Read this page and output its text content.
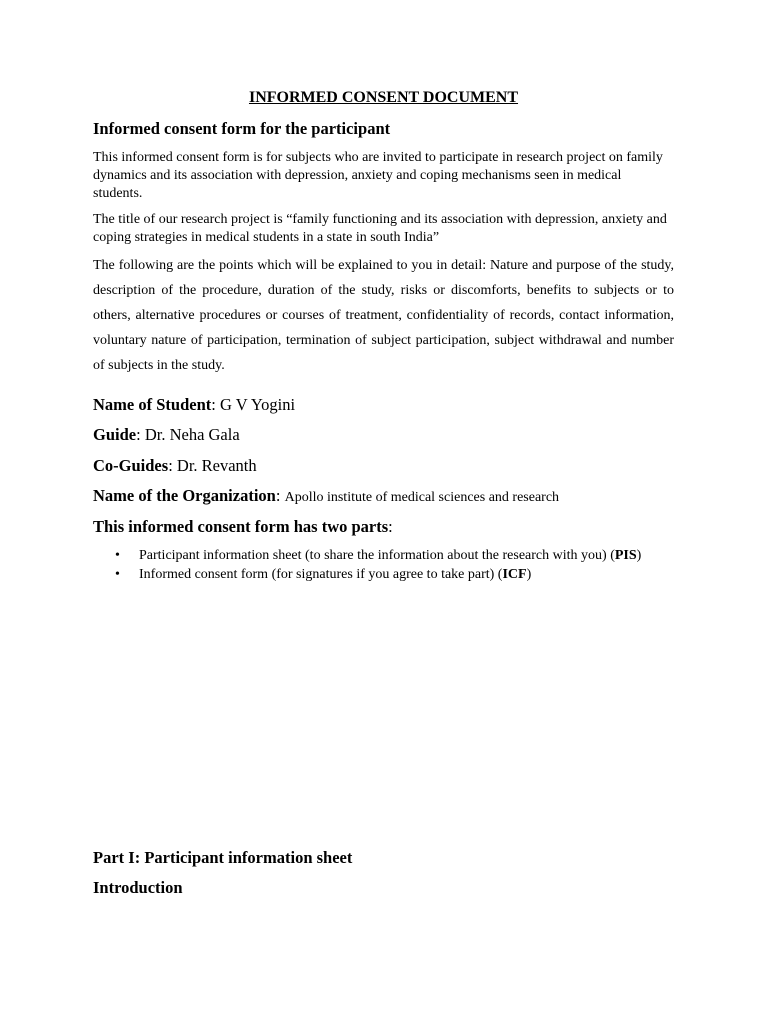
INFORMED CONSENT DOCUMENT
Informed consent form for the participant

This informed consent form is for subjects who are invited to participate in research project on family dynamics and its association with depression, anxiety and coping mechanisms seen in medical students.

The title of our research project is “family functioning and its association with depression, anxiety and coping strategies in medical students in a state in south India”

The following are the points which will be explained to you in detail: Nature and purpose of the study, description of the procedure, duration of the study, risks or discomforts, benefits to subjects or to others, alternative procedures or courses of treatment, confidentiality of records, contact information, voluntary nature of participation, termination of subject participation, subject withdrawal and number of subjects in the study.

Name of Student: G V Yogini

Guide: Dr. Neha Gala

Co-Guides: Dr. Revanth

Name of the Organization: Apollo institute of medical sciences and research

This informed consent form has two parts:

• Participant information sheet (to share the information about the research with you) (PIS)
• Informed consent form (for signatures if you agree to take part) (ICF)
Part I: Participant information sheet
Introduction
